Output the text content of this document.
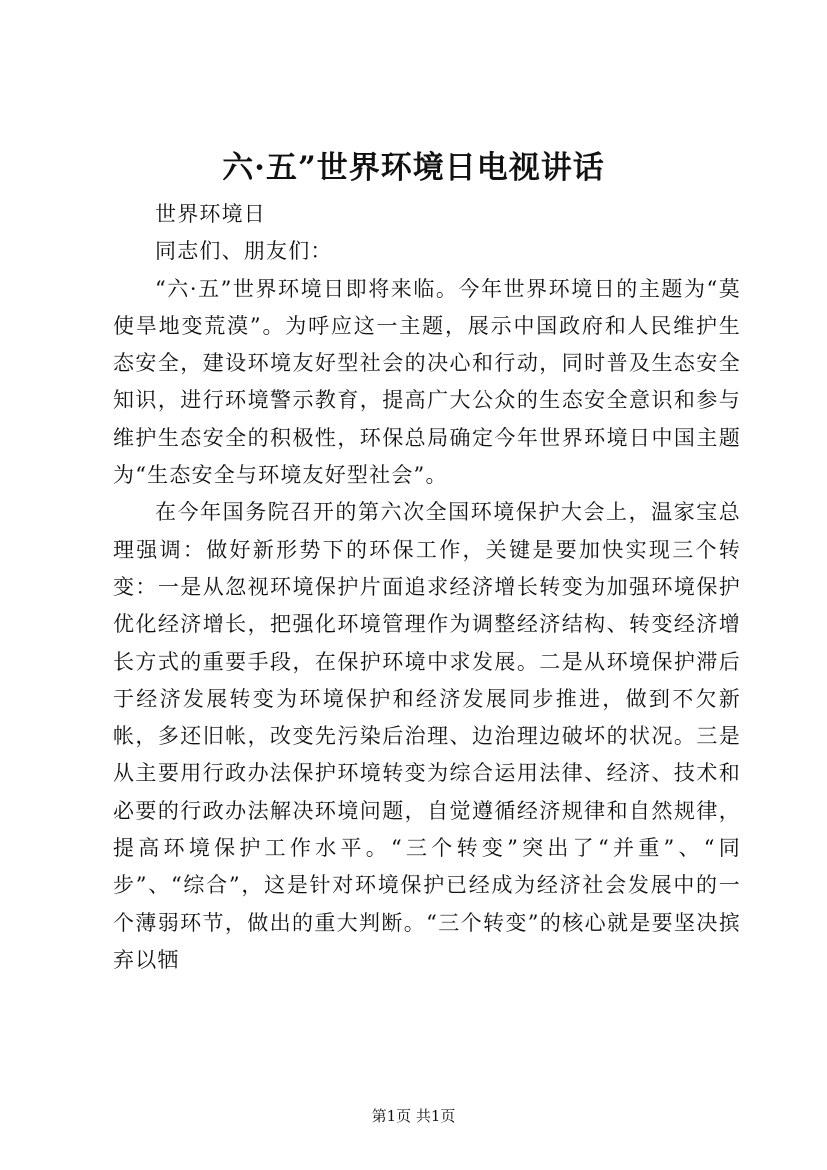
六·五”世界环境日电视讲话

世界环境日

同志们、朋友们：

“六·五”世界环境日即将来临。今年世界环境日的主题为“莫使旱地变荒漠”。为呼应这一主题，展示中国政府和人民维护生态安全，建设环境友好型社会的决心和行动，同时普及生态安全知识，进行环境警示教育，提高广大公众的生态安全意识和参与维护生态安全的积极性，环保总局确定今年世界环境日中国主题为“生态安全与环境友好型社会”。

在今年国务院召开的第六次全国环境保护大会上，温家宝总理强调：做好新形势下的环保工作，关键是要加快实现三个转变：一是从忽视环境保护片面追求经济增长转变为加强环境保护优化经济增长，把强化环境管理作为调整经济结构、转变经济增长方式的重要手段，在保护环境中求发展。二是从环境保护滞后于经济发展转变为环境保护和经济发展同步推进，做到不欠新帐，多还旧帐，改变先污染后治理、边治理边破坏的状况。三是从主要用行政办法保护环境转变为综合运用法律、经济、技术和必要的行政办法解决环境问题，自觉遵循经济规律和自然规律，提高环境保护工作水平。“三个转变”突出了“并重”、“同步”、“综合”，这是针对环境保护已经成为经济社会发展中的一个薄弱环节，做出的重大判断。“三个转变”的核心就是要坚决摈弃以牺

第1页 共1页
